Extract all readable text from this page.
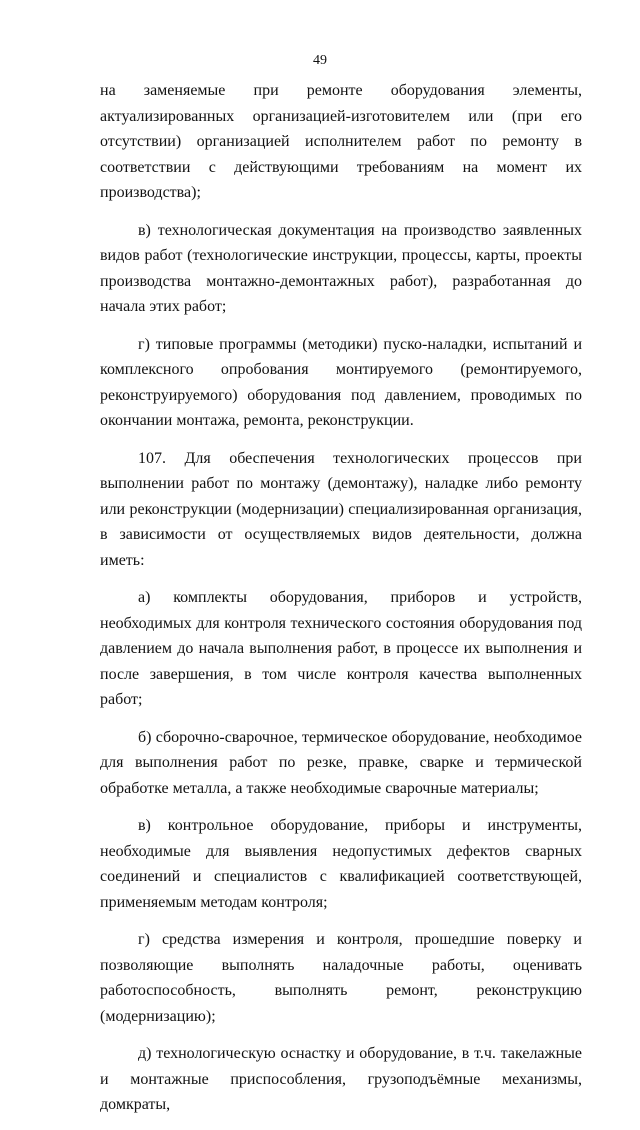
49

на заменяемые при ремонте оборудования элементы, актуализированных организацией-изготовителем или (при его отсутствии) организацией исполнителем работ по ремонту в соответствии с действующими требованиям на момент их производства);

в) технологическая документация на производство заявленных видов работ (технологические инструкции, процессы, карты, проекты производства монтажно-демонтажных работ), разработанная до начала этих работ;

г) типовые программы (методики) пуско-наладки, испытаний и комплексного опробования монтируемого (ремонтируемого, реконструируемого) оборудования под давлением, проводимых по окончании монтажа, ремонта, реконструкции.

107. Для обеспечения технологических процессов при выполнении работ по монтажу (демонтажу), наладке либо ремонту или реконструкции (модернизации) специализированная организация, в зависимости от осуществляемых видов деятельности, должна иметь:

а) комплекты оборудования, приборов и устройств, необходимых для контроля технического состояния оборудования под давлением до начала выполнения работ, в процессе их выполнения и после завершения, в том числе контроля качества выполненных работ;

б) сборочно-сварочное, термическое оборудование, необходимое для выполнения работ по резке, правке, сварке и термической обработке металла, а также необходимые сварочные материалы;

в) контрольное оборудование, приборы и инструменты, необходимые для выявления недопустимых дефектов сварных соединений и специалистов с квалификацией соответствующей, применяемым методам контроля;

г) средства измерения и контроля, прошедшие поверку и позволяющие выполнять наладочные работы, оценивать работоспособность, выполнять ремонт, реконструкцию (модернизацию);

д) технологическую оснастку и оборудование, в т.ч. такелажные и монтажные приспособления, грузоподъёмные механизмы, домкраты,
